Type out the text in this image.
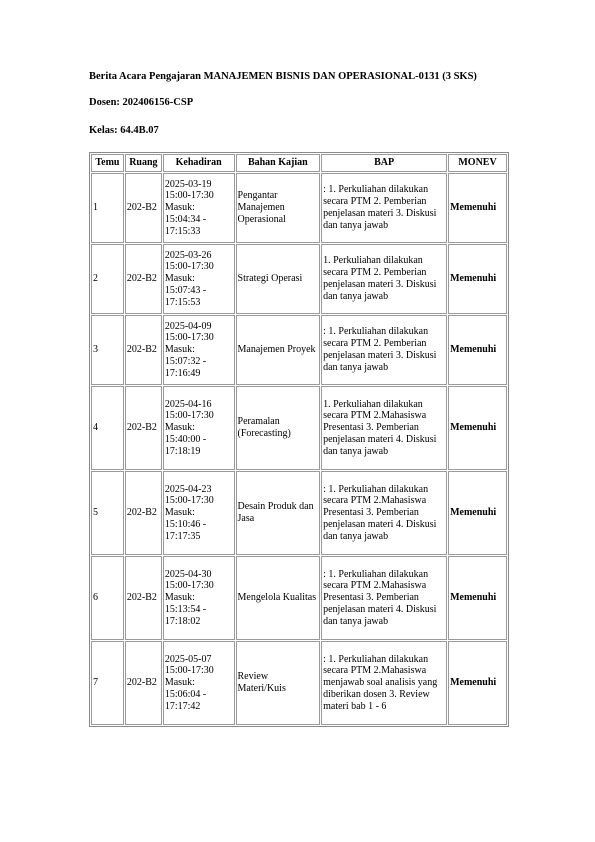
Berita Acara Pengajaran MANAJEMEN BISNIS DAN OPERASIONAL-0131 (3 SKS)

Dosen: 202406156-CSP

Kelas: 64.4B.07

Temu	Ruang	Kehadiran	Bahan Kajian	BAP	MONEV
1	202-B2	2025-03-19
15:00-17:30
Masuk:
15:04:34 -
17:15:33	Pengantar Manajemen Operasional	: 1. Perkuliahan dilakukan secara PTM 2. Pemberian penjelasan materi 3. Diskusi dan tanya jawab	Memenuhi
2	202-B2	2025-03-26
15:00-17:30
Masuk:
15:07:43 -
17:15:53	Strategi Operasi	1. Perkuliahan dilakukan secara PTM 2. Pemberian penjelasan materi 3. Diskusi dan tanya jawab	Memenuhi
3	202-B2	2025-04-09
15:00-17:30
Masuk:
15:07:32 -
17:16:49	Manajemen Proyek	: 1. Perkuliahan dilakukan secara PTM 2. Pemberian penjelasan materi 3. Diskusi dan tanya jawab	Memenuhi
4	202-B2	2025-04-16
15:00-17:30
Masuk:
15:40:00 -
17:18:19	Peramalan (Forecasting)	1. Perkuliahan dilakukan secara PTM 2.Mahasiswa Presentasi 3. Pemberian penjelasan materi 4. Diskusi dan tanya jawab	Memenuhi
5	202-B2	2025-04-23
15:00-17:30
Masuk:
15:10:46 -
17:17:35	Desain Produk dan Jasa	: 1. Perkuliahan dilakukan secara PTM 2.Mahasiswa Presentasi 3. Pemberian penjelasan materi 4. Diskusi dan tanya jawab	Memenuhi
6	202-B2	2025-04-30
15:00-17:30
Masuk:
15:13:54 -
17:18:02	Mengelola Kualitas	: 1. Perkuliahan dilakukan secara PTM 2.Mahasiswa Presentasi 3. Pemberian penjelasan materi 4. Diskusi dan tanya jawab	Memenuhi
7	202-B2	2025-05-07
15:00-17:30
Masuk:
15:06:04 -
17:17:42	Review Materi/Kuis	: 1. Perkuliahan dilakukan secara PTM 2.Mahasiswa menjawab soal analisis yang diberikan dosen 3. Review materi bab 1 - 6	Memenuhi
